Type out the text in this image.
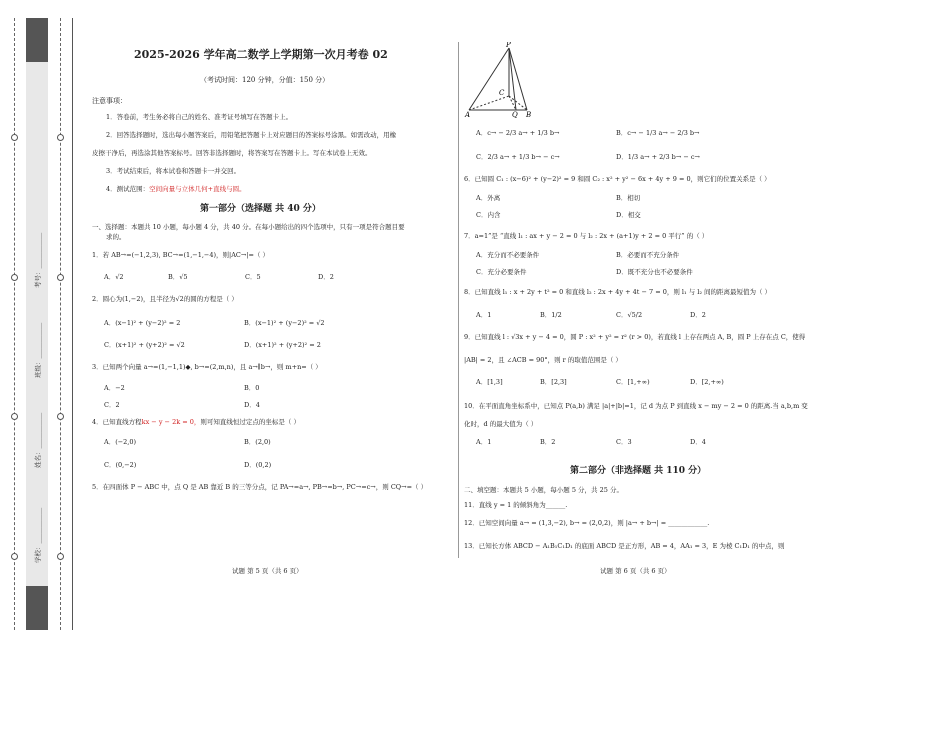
学校：___________
姓名：___________
班级：___________
考号：___________
2025-2026 学年高二数学上学期第一次月考卷 02
（考试时间：120 分钟，分值：150 分）
注意事项：
1．答卷前，考生务必将自己的姓名、准考证号填写在答题卡上。
2．回答选择题时，选出每小题答案后，用铅笔把答题卡上对应题目的答案标号涂黑。如需改动，用橡
皮擦干净后，再选涂其他答案标号。回答非选择题时，将答案写在答题卡上。写在本试卷上无效。
3．考试结束后，将本试卷和答题卡一并交回。
4．测试范围：空间向量与立体几何+直线与圆。
第一部分（选择题 共 40 分）
一、选择题：本题共 10 小题，每小题 4 分，共 40 分。在每小题给出的四个选项中，只有一项是符合题目要
求的。
1．若 AB→=(−1,2,3), BC→=(1,−1,−4)，则|AC→|=（ ）
A．√2	B．√5	C．5	D．2
2．圆心为(1,−2)，且半径为√2的圆的方程是（ ）
A．(x−1)² + (y−2)² = 2	B．(x−1)² + (y−2)² = √2
C．(x+1)² + (y+2)² = √2	D．(x+1)² + (y+2)² = 2
3．已知两个向量 a→=(1,−1,1)◆, b→=(2,m,n)，且 a→∥b→，则 m+n=（ ）
A．−2	B．0
C．2	D．4
4．已知直线方程kx − y − 2k = 0，则可知直线恒过定点的坐标是（ ）
A．(−2,0)	B．(2,0)
C．(0,−2)	D．(0,2)
5．在四面体 P − ABC 中，点 Q 是 AB 靠近 B 的三等分点，记 PA→=a→, PB→=b→, PC→=c→，则 CQ→=（ ）
试题 第 5 页（共 6 页）
P
C
A	Q B
A．c→ − 2/3 a→ + 1/3 b→	B．c→ − 1/3 a→ − 2/3 b→
C．2/3 a→ + 1/3 b→ − c→	D．1/3 a→ + 2/3 b→ − c→
6．已知圆 C₁ : (x−6)² + (y−2)² = 9 和圆 C₂ : x² + y² − 6x + 4y + 9 = 0，则它们的位置关系是（ ）
A．外离	B．相切
C．内含	D．相交
7．a=1”是 “直线 l₁ : ax + y − 2 = 0 与 l₂ : 2x + (a+1)y + 2 = 0 平行” 的（ ）
A．充分而不必要条件	B．必要而不充分条件
C．充分必要条件	D．既不充分也不必要条件
8．已知直线 l₁ : x + 2y + t² = 0 和直线 l₂ : 2x + 4y + 4t − 7 = 0，则 l₁ 与 l₂ 间的距离最短值为（ ）
A．1	B．1/2	C．√5/2	D．2
9．已知直线 l : √3x + y − 4 = 0，圆 P : x² + y² = r² (r > 0)，若直线 l 上存在两点 A, B，圆 P 上存在点 C，使得
|AB| = 2，且 ∠ACB = 90°，则 r 的取值范围是（ ）
A．[1,3]	B．[2,3]	C．[1,+∞)	D．[2,+∞)
10．在平面直角坐标系中，已知点 P(a,b) 满足 |a|+|b|=1，记 d 为点 P 到直线 x − my − 2 = 0 的距离.当 a,b,m 变
化时，d 的最大值为（ ）
A．1	B．2	C．3	D．4
第二部分（非选择题 共 110 分）
二、填空题：本题共 5 小题，每小题 5 分，共 25 分。
11．直线 y = 1 的倾斜角为______.
12．已知空间向量 a→ = (1,3,−2), b→ = (2,0,2)，则 |a→ + b→| = ____________.
13．已知长方体 ABCD − A₁B₁C₁D₁ 的底面 ABCD 是正方形，AB = 4，AA₁ = 3，E 为棱 C₁D₁ 的中点，则
试题 第 6 页（共 6 页）
